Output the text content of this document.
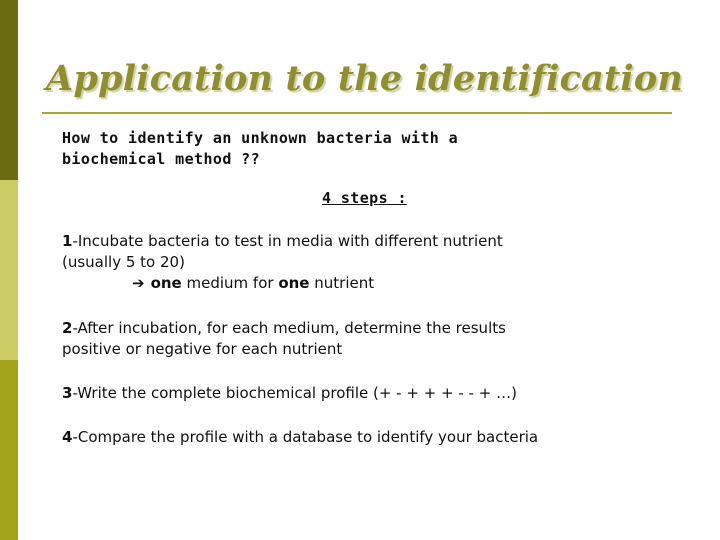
Application to the identification
How to identify an unknown bacteria with a
biochemical method ??
4 steps :
1-Incubate bacteria to test in media with different nutrient
(usually 5 to 20)
➔ one medium for one nutrient
2-After incubation, for each medium, determine the results
positive or negative for each nutrient
3-Write the complete biochemical profile (+ - + + + - - + …)
4-Compare the profile with a database to identify your bacteria
